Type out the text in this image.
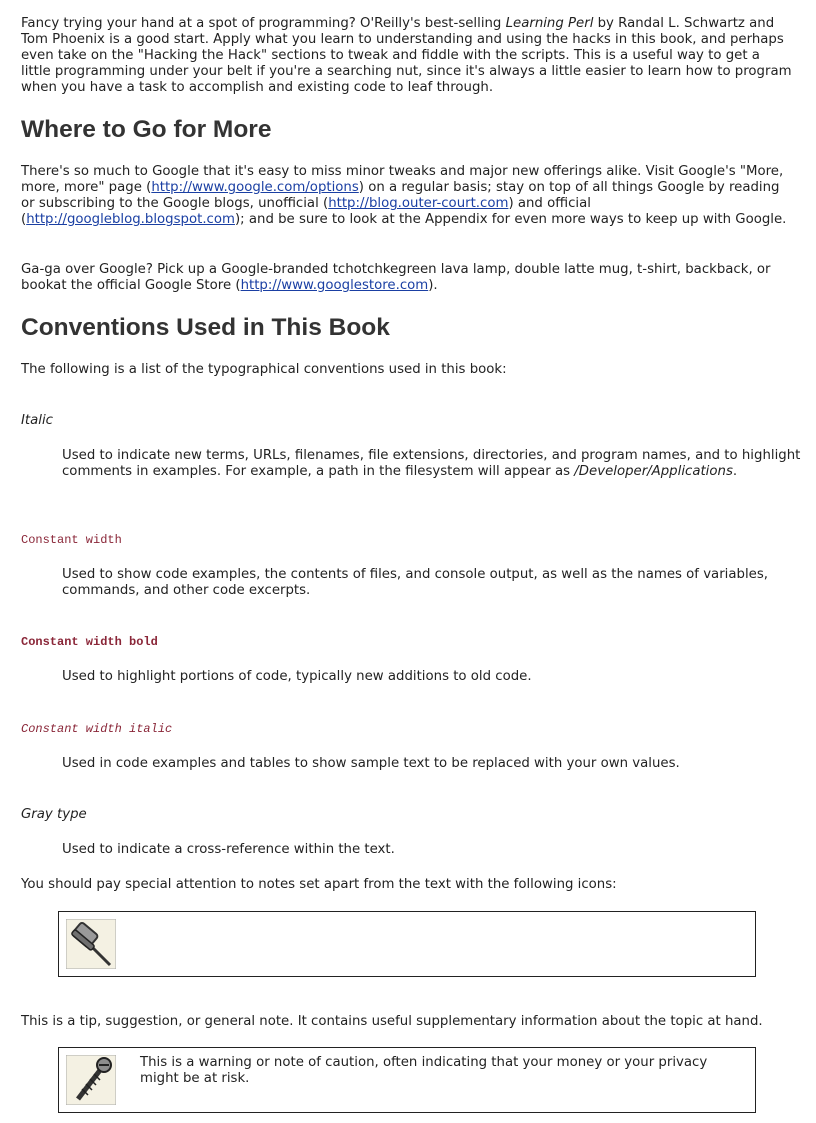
Fancy trying your hand at a spot of programming? O'Reilly's best-selling Learning Perl by Randal L. Schwartz and Tom Phoenix is a good start. Apply what you learn to understanding and using the hacks in this book, and perhaps even take on the "Hacking the Hack" sections to tweak and fiddle with the scripts. This is a useful way to get a little programming under your belt if you're a searching nut, since it's always a little easier to learn how to program when you have a task to accomplish and existing code to leaf through.

Where to Go for More

There's so much to Google that it's easy to miss minor tweaks and major new offerings alike. Visit Google's "More, more, more" page (http://www.google.com/options) on a regular basis; stay on top of all things Google by reading or subscribing to the Google blogs, unofficial (http://blog.outer-court.com) and official (http://googleblog.blogspot.com); and be sure to look at the Appendix for even more ways to keep up with Google.

Ga-ga over Google? Pick up a Google-branded tchotchkegreen lava lamp, double latte mug, t-shirt, backback, or bookat the official Google Store (http://www.googlestore.com).

Conventions Used in This Book

The following is a list of the typographical conventions used in this book:

Italic

Used to indicate new terms, URLs, filenames, file extensions, directories, and program names, and to highlight comments in examples. For example, a path in the filesystem will appear as /Developer/Applications.

Constant width

Used to show code examples, the contents of files, and console output, as well as the names of variables, commands, and other code excerpts.

Constant width bold

Used to highlight portions of code, typically new additions to old code.

Constant width italic

Used in code examples and tables to show sample text to be replaced with your own values.

Gray type

Used to indicate a cross-reference within the text.

You should pay special attention to notes set apart from the text with the following icons:

This is a tip, suggestion, or general note. It contains useful supplementary information about the topic at hand.

This is a warning or note of caution, often indicating that your money or your privacy might be at risk.
